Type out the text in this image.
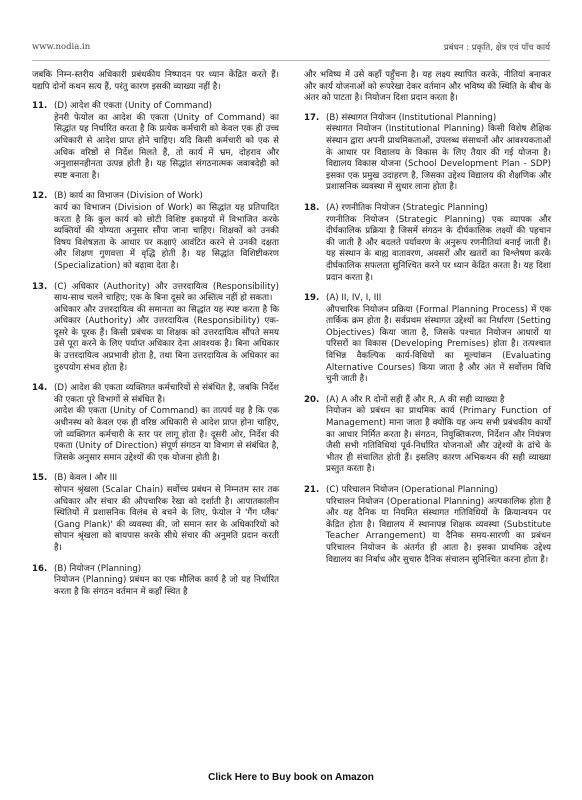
www.nodia.in	प्रबंधन : प्रकृति, क्षेत्र एवं पाँच कार्य

जबकि निम्न-स्तरीय अधिकारी प्रबंधकीय निष्पादन पर ध्यान केंद्रित करते हैं। यद्यपि दोनों कथन सत्य हैं, परंतु कारण इसकी व्याख्या नहीं है।

11. (D) आदेश की एकता (Unity of Command)

हेनरी फेयोल का आदेश की एकता (Unity of Command) का सिद्धांत यह निर्धारित करता है कि प्रत्येक कर्मचारी को केवल एक ही उच्च अधिकारी से आदेश प्राप्त होने चाहिए। यदि किसी कर्मचारी को एक से अधिक वरिष्ठों से निर्देश मिलते हैं, तो कार्य में भ्रम, दोहराव और अनुशासनहीनता उत्पन्न होती है। यह सिद्धांत संगठनात्मक जवाबदेही को स्पष्ट बनाता है।

12. (B) कार्य का विभाजन (Division of Work)

कार्य का विभाजन (Division of Work) का सिद्धांत यह प्रतिपादित करता है कि कुल कार्य को छोटी विशिष्ट इकाइयों में विभाजित करके व्यक्तियों की योग्यता अनुसार सौंपा जाना चाहिए। शिक्षकों को उनकी विषय विशेषज्ञता के आधार पर कक्षाएं आवंटित करने से उनकी दक्षता और शिक्षण गुणवत्ता में वृद्धि होती है। यह सिद्धांत विशिष्टीकरण (Specialization) को बढ़ावा देता है।

13. (C) अधिकार (Authority) और उत्तरदायित्व (Responsibility) साथ-साथ चलने चाहिए; एक के बिना दूसरे का अस्तित्व नहीं हो सकता।

अधिकार और उत्तरदायित्व की समानता का सिद्धांत यह स्पष्ट करता है कि अधिकार (Authority) और उत्तरदायित्व (Responsibility) एक-दूसरे के पूरक हैं। किसी प्रबंधक या शिक्षक को उत्तरदायित्व सौंपते समय उसे पूरा करने के लिए पर्याप्त अधिकार देना आवश्यक है। बिना अधिकार के उत्तरदायित्व अप्रभावी होता है, तथा बिना उत्तरदायित्व के अधिकार का दुरुपयोग संभव होता है।

14. (D) आदेश की एकता व्यक्तिगत कर्मचारियों से संबंधित है, जबकि निर्देश की एकता पूरे विभागों से संबंधित है।

आदेश की एकता (Unity of Command) का तात्पर्य यह है कि एक अधीनस्थ को केवल एक ही वरिष्ठ अधिकारी से आदेश प्राप्त होना चाहिए, जो व्यक्तिगत कर्मचारी के स्तर पर लागू होता है। दूसरी ओर, निर्देश की एकता (Unity of Direction) संपूर्ण संगठन या विभाग से संबंधित है, जिसके अनुसार समान उद्देश्यों की एक योजना होती है।

15. (B) केवल I और III

सोपान श्रृंखला (Scalar Chain) सर्वोच्च प्रबंधन से निम्नतम स्तर तक अधिकार और संचार की औपचारिक रेखा को दर्शाती है। आपातकालीन स्थितियों में प्रशासनिक विलंब से बचने के लिए, फेयोल ने 'गैंग प्लैंक' (Gang Plank)' की व्यवस्था की, जो समान स्तर के अधिकारियों को सोपान श्रृंखला को बायपास करके सीधे संचार की अनुमति प्रदान करती है।

16. (B) नियोजन (Planning)

नियोजन (Planning) प्रबंधन का एक मौलिक कार्य है जो यह निर्धारित करता है कि संगठन वर्तमान में कहाँ स्थित है

और भविष्य में उसे कहाँ पहुँचना है। यह लक्ष्य स्थापित करके, नीतियां बनाकर और कार्य योजनाओं को रूपरेखा देकर वर्तमान और भविष्य की स्थिति के बीच के अंतर को पाटता है। नियोजन दिशा प्रदान करता है।

17. (B) संस्थागत नियोजन (Institutional Planning)

संस्थागत नियोजन (Institutional Planning) किसी विशेष शैक्षिक संस्थान द्वारा अपनी प्राथमिकताओं, उपलब्ध संसाधनों और आवश्यकताओं के आधार पर विद्यालय के विकास के लिए तैयार की गई योजना है। विद्यालय विकास योजना (School Development Plan - SDP) इसका एक प्रमुख उदाहरण है, जिसका उद्देश्य विद्यालय की शैक्षणिक और प्रशासनिक व्यवस्था में सुधार लाना होता है।

18. (A) रणनीतिक नियोजन (Strategic Planning)

रणनीतिक नियोजन (Strategic Planning) एक व्यापक और दीर्घकालिक प्रक्रिया है जिसमें संगठन के दीर्घकालिक लक्ष्यों की पहचान की जाती है और बदलते पर्यावरण के अनुरूप रणनीतियां बनाई जाती हैं। यह संस्थान के बाह्य वातावरण, अवसरों और खतरों का विश्लेषण करके दीर्घकालिक सफलता सुनिश्चित करने पर ध्यान केंद्रित करता है। यह दिशा प्रदान करता है।

19. (A) II, IV, I, III

औपचारिक नियोजन प्रक्रिया (Formal Planning Process) में एक तार्किक क्रम होता है। सर्वप्रथम संस्थागत उद्देश्यों का निर्धारण (Setting Objectives) किया जाता है, जिसके पश्चात नियोजन आधारों या परिसरों का विकास (Developing Premises) होता है। तत्पश्चात विभिन्न वैकल्पिक कार्य-विधियों का मूल्यांकन (Evaluating Alternative Courses) किया जाता है और अंत में सर्वोत्तम विधि चुनी जाती है।

20. (A) A और R दोनों सही हैं और R, A की सही व्याख्या है

नियोजन को प्रबंधन का प्राथमिक कार्य (Primary Function of Management) माना जाता है क्योंकि यह अन्य सभी प्रबंधकीय कार्यों का आधार निर्मित करता है। संगठन, नियुक्तिकरण, निर्देशन और नियंत्रण जैसी सभी गतिविधियां पूर्व-निर्धारित योजनाओं और उद्देश्यों के ढांचे के भीतर ही संचालित होती हैं। इसलिए कारण अभिकथन की सही व्याख्या प्रस्तुत करता है।

21. (C) परिचालन नियोजन (Operational Planning)

परिचालन नियोजन (Operational Planning) अल्पकालिक होता है और यह दैनिक या नियमित संस्थागत गतिविधियों के क्रियान्वयन पर केंद्रित होता है। विद्यालय में स्थानापन्न शिक्षक व्यवस्था (Substitute Teacher Arrangement) या दैनिक समय-सारणी का प्रबंधन परिचालन नियोजन के अंतर्गत ही आता है। इसका प्राथमिक उद्देश्य विद्यालय का निर्बाध और सुचारु दैनिक संचालन सुनिश्चित करना होता है।

Click Here to Buy book on Amazon
